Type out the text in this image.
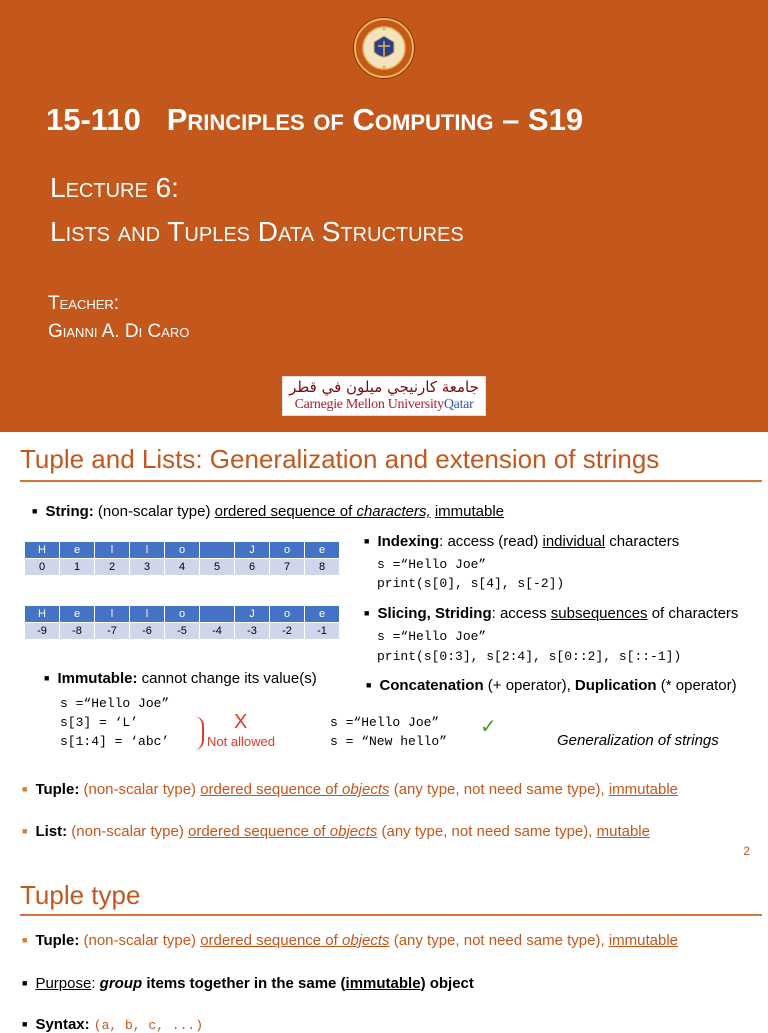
15-110 Principles of Computing – S19
Lecture 6:
Lists and Tuples Data Structures
Teacher:
Gianni A. Di Caro
جامعة كارنيجي ميلون في قطر
Carnegie Mellon UniversityQatar
Tuple and Lists: Generalization and extension of strings
■ String: (non-scalar type) ordered sequence of characters, immutable
H	e	l	l	o		J	o	e
0	1	2	3	4	5	6	7	8
H	e	l	l	o		J	o	e
-9	-8	-7	-6	-5	-4	-3	-2	-1
■ Indexing: access (read) individual characters
s =“Hello Joe”
print(s[0], s[4], s[-2])
■ Slicing, Striding: access subsequences of characters
s =“Hello Joe”
print(s[0:3], s[2:4], s[0::2], s[::-1])
■ Immutable: cannot change its value(s)
s =“Hello Joe”
s[3] = ‘L’
s[1:4] = ‘abc’
X
Not allowed
■ Concatenation (+ operator), Duplication (* operator)
s =“Hello Joe”
s = “New hello”
✓
Generalization of strings
■ Tuple: (non-scalar type) ordered sequence of objects (any type, not need same type), immutable
■ List: (non-scalar type) ordered sequence of objects (any type, not need same type), mutable
2
Tuple type
■ Tuple: (non-scalar type) ordered sequence of objects (any type, not need same type), immutable
■ Purpose: group items together in the same (immutable) object
■ Syntax: (a, b, c, ...)
